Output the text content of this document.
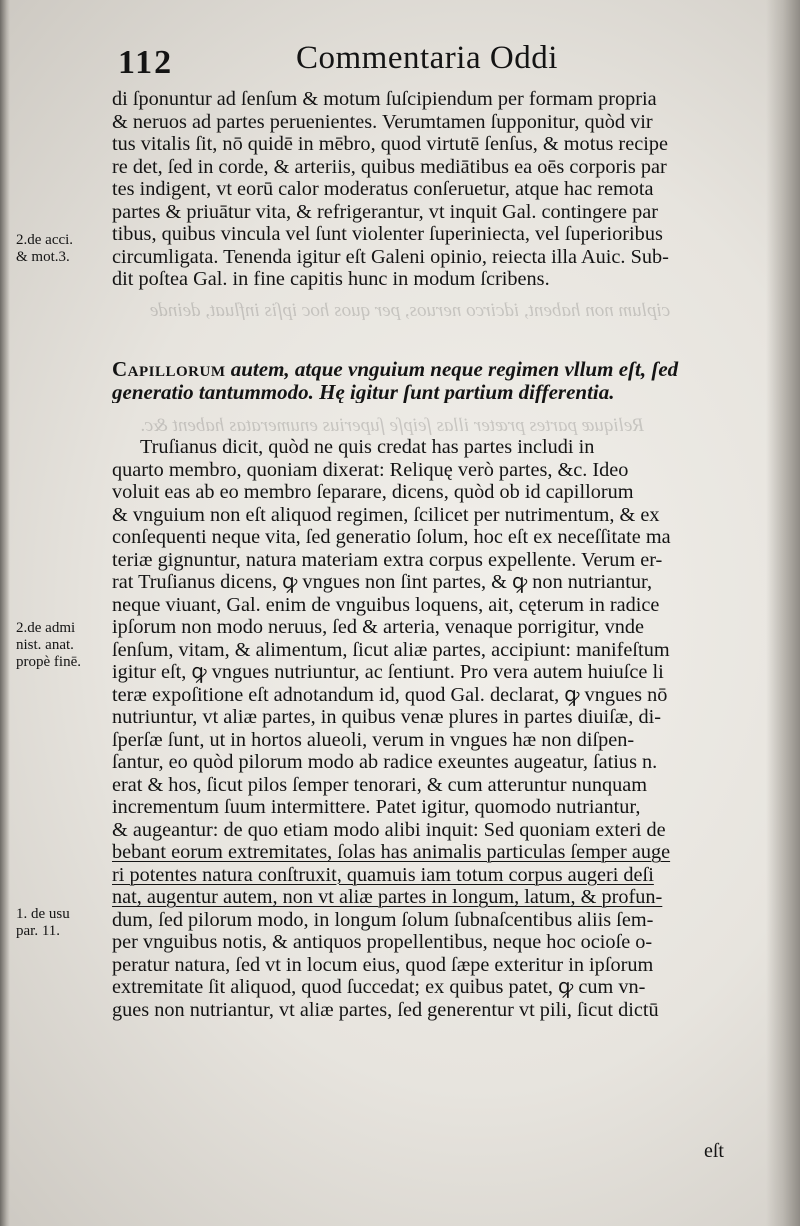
ciplum non habent, idcirco neruos, per quos hoc ipſis influat, deinde
Reliquæ partes præter illas ſeipſe ſuperius enumeratas habent &c.
112	Commentaria Oddi
2.de acci.
& mot.3.
2.de admi
nist. anat.
propè finē.
1. de usu
par. 11.
di ſponuntur ad ſenſum & motum ſuſcipiendum per formam propria
& neruos ad partes peruenientes. Verumtamen ſupponitur, quòd vir
tus vitalis ſit, nō quidē in mēbro, quod virtutē ſenſus, & motus recipe
re det, ſed in corde, & arteriis, quibus mediātibus ea oēs corporis par
tes indigent, vt eorū calor moderatus conſeruetur, atque hac remota
partes & priuātur vita, & refrigerantur, vt inquit Gal. contingere par
tibus, quibus vincula vel ſunt violenter ſuperiniecta, vel ſuperioribus
circumligata. Tenenda igitur eſt Galeni opinio, reiecta illa Auic. Sub-
dit poſtea Gal. in fine capitis hunc in modum ſcribens.
Capillorum autem, atque vnguium neque regimen vllum eſt, ſed
generatio tantummodo. Hę igitur ſunt partium differentia.
Truſianus dicit, quòd ne quis credat has partes includi in
quarto membro, quoniam dixerat: Reliquę verò partes, &c. Ideo
voluit eas ab eo membro ſeparare, dicens, quòd ob id capillorum
& vnguium non eſt aliquod regimen, ſcilicet per nutrimentum, & ex
conſequenti neque vita, ſed generatio ſolum, hoc eſt ex neceſſitate ma
teriæ gignuntur, natura materiam extra corpus expellente. Verum er-
rat Truſianus dicens, ꝙ vngues non ſint partes, & ꝙ non nutriantur,
neque viuant, Gal. enim de vnguibus loquens, ait, cęterum in radice
ipſorum non modo neruus, ſed & arteria, venaque porrigitur, vnde
ſenſum, vitam, & alimentum, ſicut aliæ partes, accipiunt: manifeſtum
igitur eſt, ꝙ vngues nutriuntur, ac ſentiunt. Pro vera autem huiuſce li
teræ expoſitione eſt adnotandum id, quod Gal. declarat, ꝙ vngues nō
nutriuntur, vt aliæ partes, in quibus venæ plures in partes diuiſæ, di-
ſperſæ ſunt, ut in hortos alueoli, verum in vngues hæ non diſpen-
ſantur, eo quòd pilorum modo ab radice exeuntes augeatur, ſatius n.
erat & hos, ſicut pilos ſemper tenorari, & cum atteruntur nunquam
incrementum ſuum intermittere. Patet igitur, quomodo nutriantur,
& augeantur: de quo etiam modo alibi inquit: Sed quoniam exteri de
bebant eorum extremitates, ſolas has animalis particulas ſemper auge
ri potentes natura conſtruxit, quamuis iam totum corpus augeri deſi
nat, augentur autem, non vt aliæ partes in longum, latum, & profun-
dum, ſed pilorum modo, in longum ſolum ſubnaſcentibus aliis ſem-
per vnguibus notis, & antiquos propellentibus, neque hoc ocioſe o-
peratur natura, ſed vt in locum eius, quod ſæpe exteritur in ipſorum
extremitate ſit aliquod, quod ſuccedat; ex quibus patet, ꝙ cum vn-
gues non nutriantur, vt aliæ partes, ſed generentur vt pili, ſicut dictū
eſt
